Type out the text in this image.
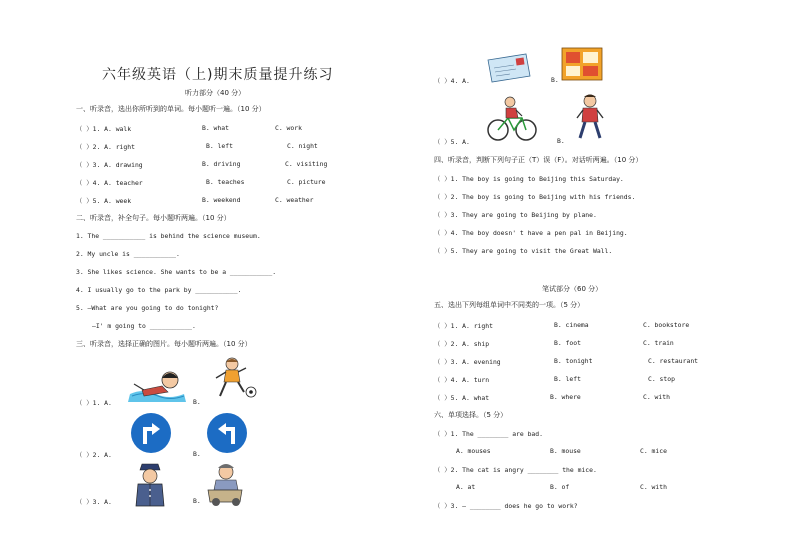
六年级英语（上)期末质量提升练习
听力部分（40 分）
一、听录音，选出你所听到的单词。每小题听一遍。（10 分）
（ ）1. A. walk	B. what	C. work
（ ）2. A. right	B. left	C. night
（ ）3. A. drawing	B. driving	C. visiting
（ ）4. A. teacher	B. teaches	C. picture
（ ）5. A. week	B. weekend	C. weather
二、听录音，补全句子。每小题听两遍。（10 分）
1. The ___________ is behind the science museum.
2. My uncle is ___________.
3. She likes science. She wants to be a ___________.
4. I usually go to the park by ___________.
5. —What are you going to do tonight?
—I' m going to ___________.
三、听录音，选择正确的图片。每小题听两遍。（10 分）
（ ）1. A.	B.
（ ）2. A.	B.
（ ）3. A.	B.
（ ）4. A.	B.
（ ）5. A.	B.
四、听录音，判断下列句子正（T）误（F）。对话听两遍。（10 分）
（ ）1. The boy is going to Beijing this Saturday.
（ ）2. The boy is going to Beijing with his friends.
（ ）3. They are going to Beijing by plane.
（ ）4. The boy doesn' t have a pen pal in Beijing.
（ ）5. They are going to visit the Great Wall.
笔试部分（60 分）
五、选出下列每组单词中不同类的一项。（5 分）
（ ）1. A. right	B. cinema	C. bookstore
（ ）2. A. ship	B. foot	C. train
（ ）3. A. evening	B. tonight	C. restaurant
（ ）4. A. turn	B. left	C. stop
（ ）5. A. what	B. where	C. with
六、单项选择。（5 分）
（ ）1. The ________ are bad.
A. mouses	B. mouse	C. mice
（ ）2. The cat is angry ________ the mice.
A. at	B. of	C. with
（ ）3. — ________ does he go to work?
